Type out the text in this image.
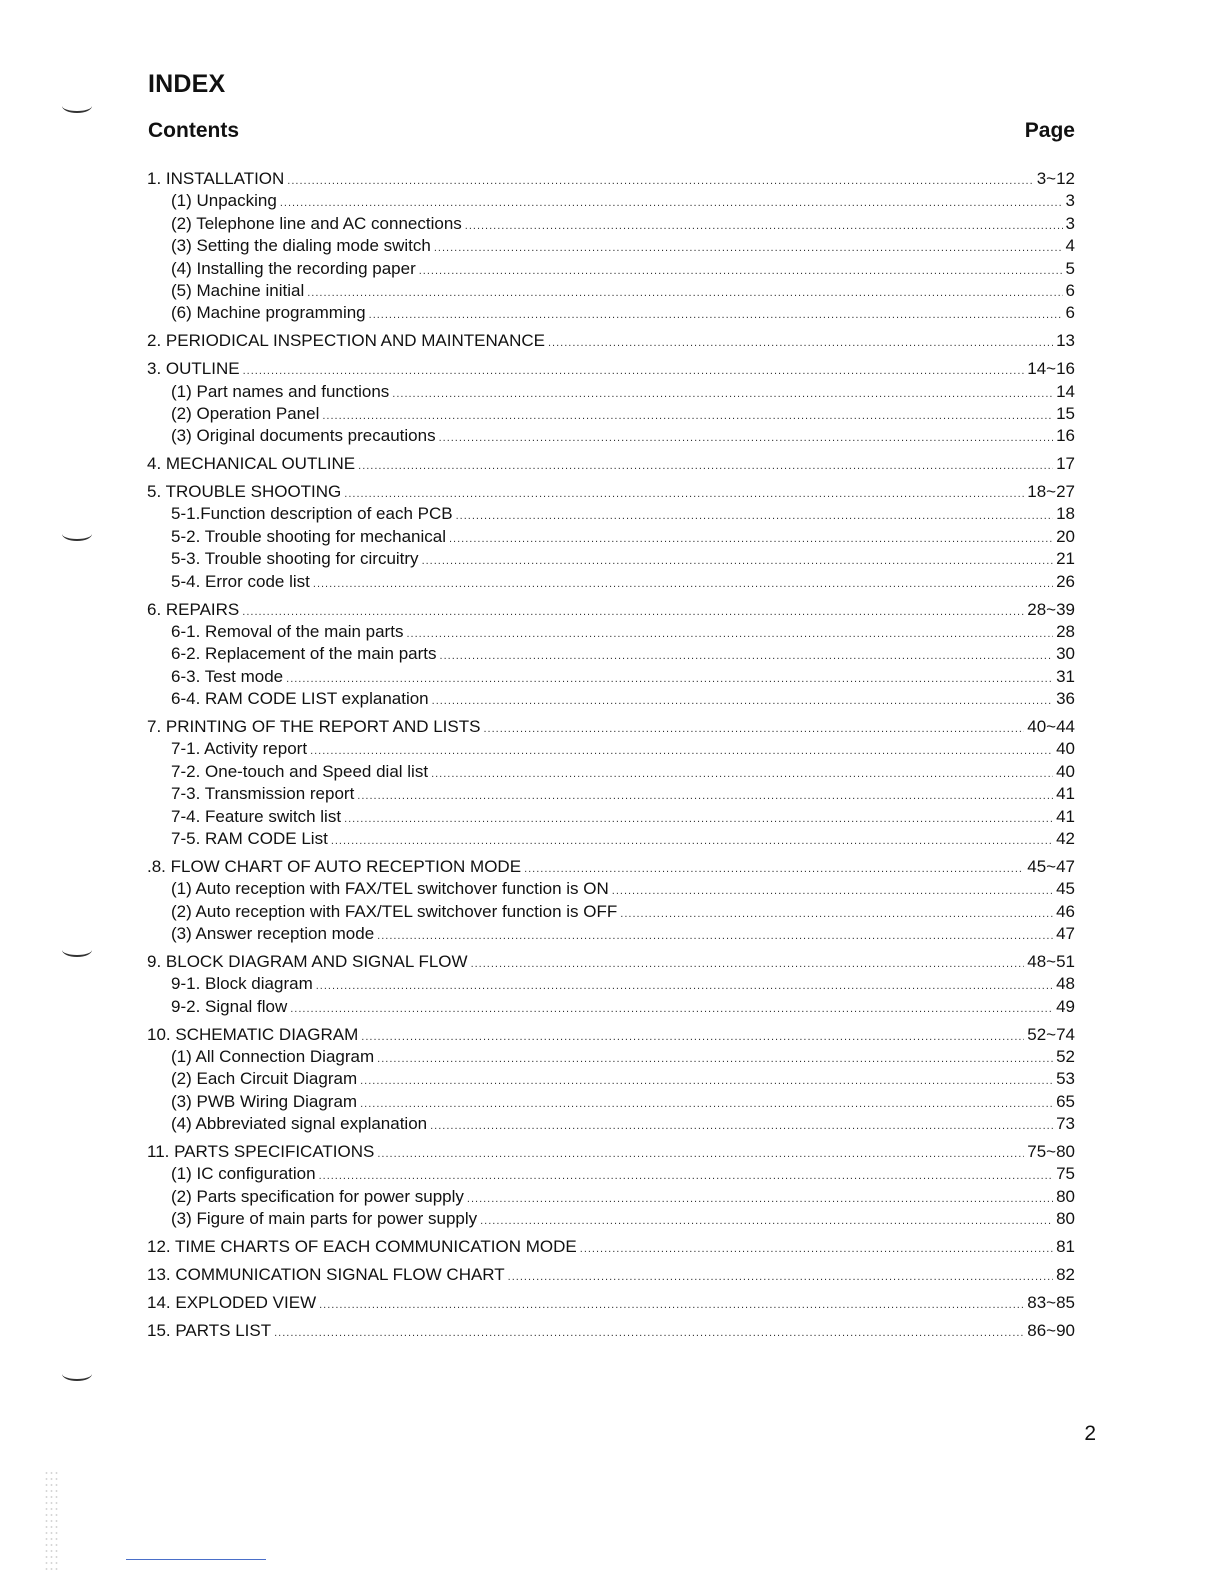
INDEX
Contents	Page
1. INSTALLATION .....	3~12
(1) Unpacking .....	3
(2) Telephone line and AC connections .....	3
(3) Setting the dialing mode switch .....	4
(4) Installing the recording paper .....	5
(5) Machine initial .....	6
(6) Machine programming .....	6
2. PERIODICAL INSPECTION AND MAINTENANCE .....	13
3. OUTLINE .....	14~16
(1) Part names and functions .....	14
(2) Operation Panel .....	15
(3) Original documents precautions .....	16
4. MECHANICAL OUTLINE .....	17
5. TROUBLE SHOOTING .....	18~27
5-1.Function description of each PCB .....	18
5-2. Trouble shooting for mechanical .....	20
5-3. Trouble shooting for circuitry .....	21
5-4. Error code list .....	26
6. REPAIRS .....	28~39
6-1. Removal of the main parts .....	28
6-2. Replacement of the main parts .....	30
6-3. Test mode .....	31
6-4. RAM CODE LIST explanation .....	36
7. PRINTING OF THE REPORT AND LISTS .....	40~44
7-1. Activity report .....	40
7-2. One-touch and Speed dial list .....	40
7-3. Transmission report .....	41
7-4. Feature switch list .....	41
7-5. RAM CODE List .....	42
.8. FLOW CHART OF AUTO RECEPTION MODE .....	45~47
(1) Auto reception with FAX/TEL switchover function is ON .....	45
(2) Auto reception with FAX/TEL switchover function is OFF .....	46
(3) Answer reception mode .....	47
9. BLOCK DIAGRAM AND SIGNAL FLOW .....	48~51
9-1. Block diagram .....	48
9-2. Signal flow .....	49
10. SCHEMATIC DIAGRAM .....	52~74
(1) All Connection Diagram .....	52
(2) Each Circuit Diagram .....	53
(3) PWB Wiring Diagram .....	65
(4) Abbreviated signal explanation .....	73
11. PARTS SPECIFICATIONS .....	75~80
(1) IC configuration .....	75
(2) Parts specification for power supply .....	80
(3) Figure of main parts for power supply .....	80
12. TIME CHARTS OF EACH COMMUNICATION MODE .....	81
13. COMMUNICATION SIGNAL FLOW CHART .....	82
14. EXPLODED VIEW .....	83~85
15. PARTS LIST .....	86~90
2
